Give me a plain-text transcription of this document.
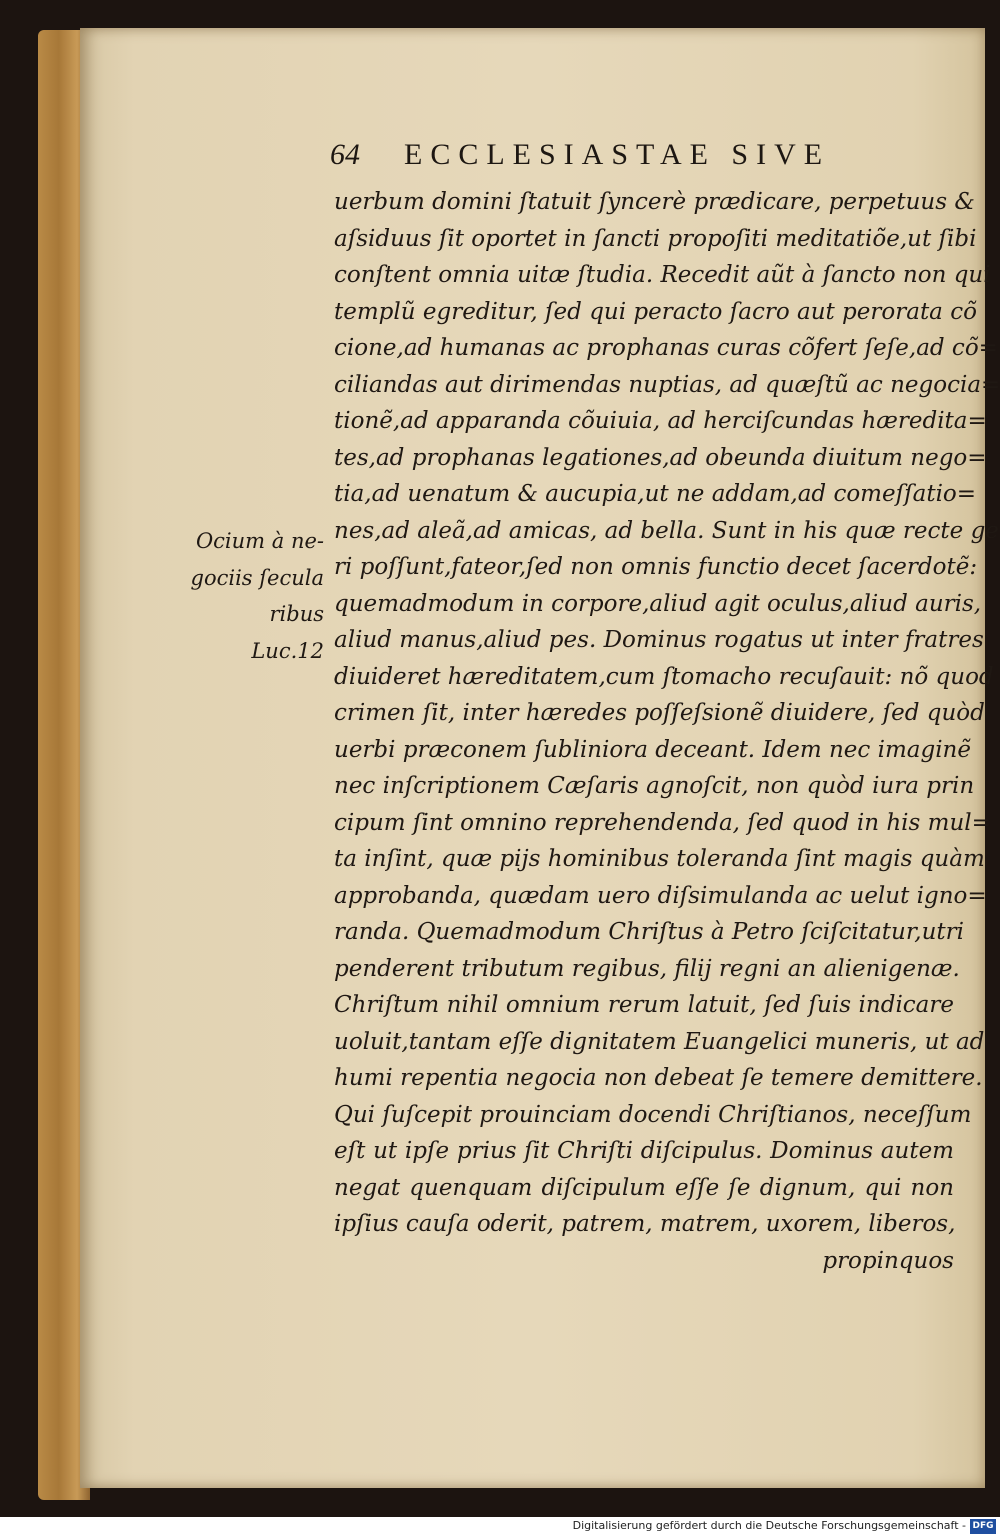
64 ECCLESIASTAE SIVE
Ocium à ne-
gociis ſecula
ribus
Luc.12
uerbum domini ſtatuit ſyncerè prædicare, perpetuus &
aſsiduus ſit oportet in ſancti propoſiti meditatiõe,ut ſibi
conſtent omnia uitæ ſtudia. Recedit aũt à ſancto non qui
templũ egreditur, ſed qui peracto ſacro aut perorata cõ
cione,ad humanas ac prophanas curas cõfert ſeſe,ad cõ=
ciliandas aut dirimendas nuptias, ad quæſtũ ac negocia=
tionẽ,ad apparanda cõuiuia, ad herciſcundas hæredita=
tes,ad prophanas legationes,ad obeunda diuitum nego=
tia,ad uenatum & aucupia,ut ne addam,ad comeſſatio=
nes,ad aleã,ad amicas, ad bella. Sunt in his quæ recte ge
ri poſſunt,fateor,ſed non omnis functio decet ſacerdotẽ:
quemadmodum in corpore,aliud agit oculus,aliud auris,
aliud manus,aliud pes. Dominus rogatus ut inter fratres
diuideret hæreditatem,cum ſtomacho recuſauit: nõ quod
crimen ſit, inter hæredes poſſeſsionẽ diuidere, ſed quòd
uerbi præconem ſubliniora deceant. Idem nec imaginẽ
nec inſcriptionem Cæſaris agnoſcit, non quòd iura prin
cipum ſint omnino reprehendenda, ſed quod in his mul=
ta inſint, quæ pijs hominibus toleranda ſint magis quàm
approbanda, quædam uero diſsimulanda ac uelut igno=
randa. Quemadmodum Chriſtus à Petro ſciſcitatur,utri
penderent tributum regibus, filij regni an alienigenæ.
Chriſtum nihil omnium rerum latuit, ſed ſuis indicare
uoluit,tantam eſſe dignitatem Euangelici muneris, ut ad
humi repentia negocia non debeat ſe temere demittere.
Qui ſuſcepit prouinciam docendi Chriſtianos, neceſſum
eſt ut ipſe prius ſit Chriſti diſcipulus. Dominus autem
negat quenquam diſcipulum eſſe ſe dignum, qui non
ipſius cauſa oderit, patrem, matrem, uxorem, liberos,
propinquos
Digitalisierung gefördert durch die Deutsche Forschungsgemeinschaft - DFG
